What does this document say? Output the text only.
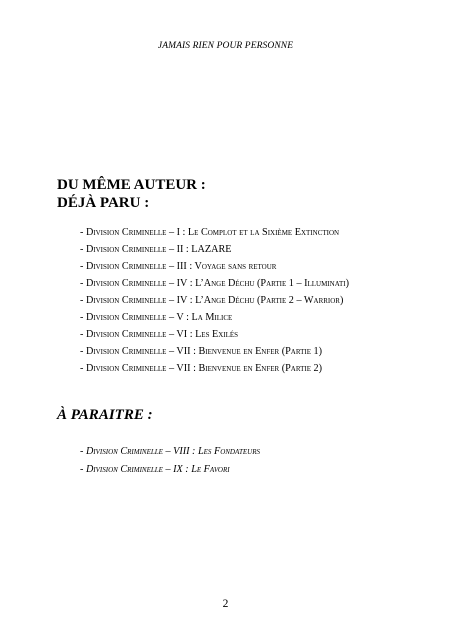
JAMAIS RIEN POUR PERSONNE
DU MÊME AUTEUR :
DÉJÀ PARU :
- Division Criminelle – I : Le Complot et la Sixième Extinction
- Division Criminelle – II : LAZARE
- Division Criminelle – III : Voyage sans retour
- Division Criminelle – IV : L’Ange Déchu (Partie 1 – Illuminati)
- Division Criminelle – IV : L’Ange Déchu (Partie 2 – Warrior)
- Division Criminelle – V : La Milice
- Division Criminelle – VI : Les Exilés
- Division Criminelle – VII : Bienvenue en Enfer (Partie 1)
- Division Criminelle – VII : Bienvenue en Enfer (Partie 2)
À PARAITRE :
- Division Criminelle – VIII : Les Fondateurs
- Division Criminelle – IX : Le Favori
2
